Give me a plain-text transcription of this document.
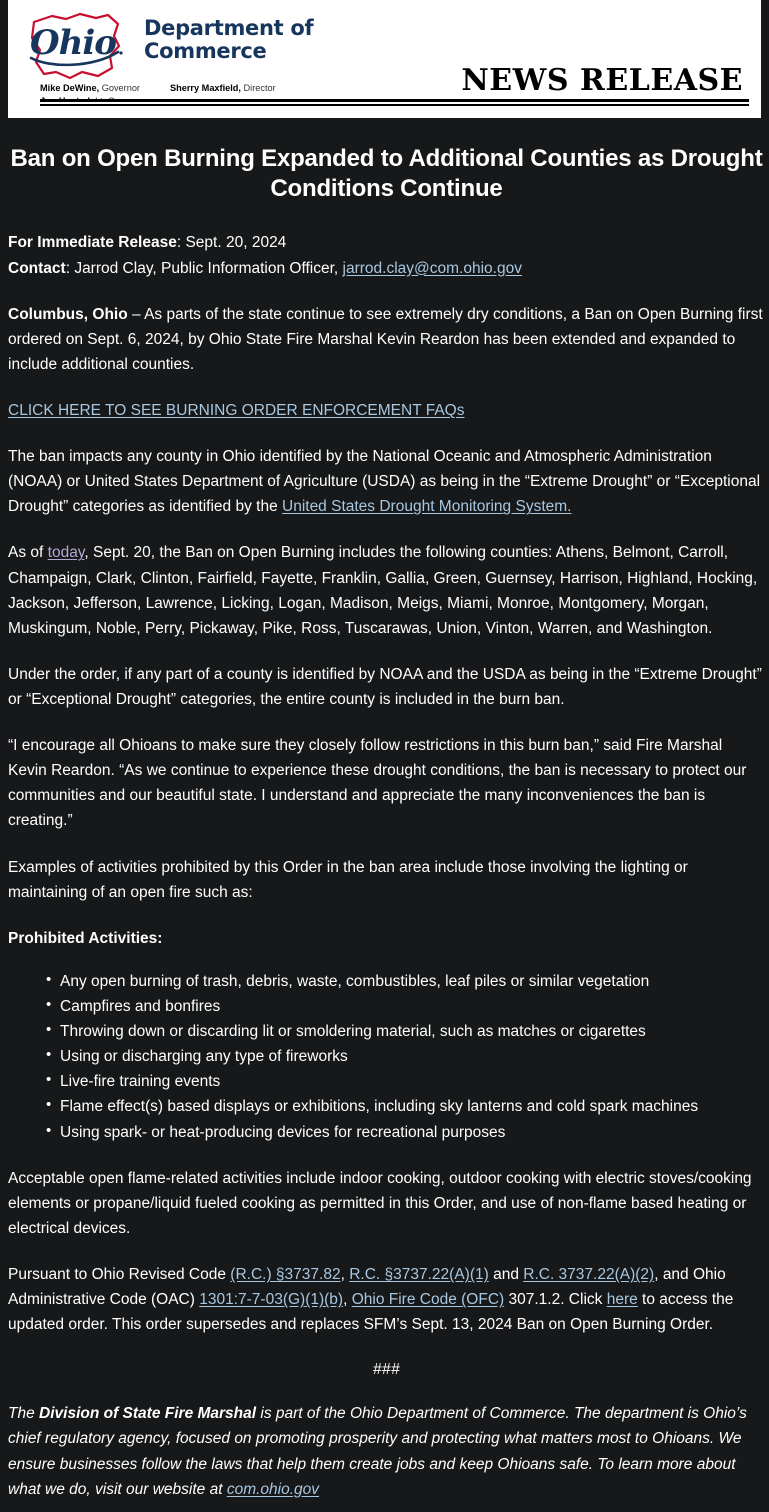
Ohio Department of
Commerce
Mike DeWine, Governor	Sherry Maxfield, Director	NEWS RELEASE
Ban on Open Burning Expanded to Additional Counties as Drought Conditions Continue

For Immediate Release: Sept. 20, 2024
Contact: Jarrod Clay, Public Information Officer, jarrod.clay@com.ohio.gov

Columbus, Ohio – As parts of the state continue to see extremely dry conditions, a Ban on Open Burning first ordered on Sept. 6, 2024, by Ohio State Fire Marshal Kevin Reardon has been extended and expanded to include additional counties.

CLICK HERE TO SEE BURNING ORDER ENFORCEMENT FAQs

The ban impacts any county in Ohio identified by the National Oceanic and Atmospheric Administration (NOAA) or United States Department of Agriculture (USDA) as being in the “Extreme Drought” or “Exceptional Drought” categories as identified by the United States Drought Monitoring System.

As of today, Sept. 20, the Ban on Open Burning includes the following counties: Athens, Belmont, Carroll, Champaign, Clark, Clinton, Fairfield, Fayette, Franklin, Gallia, Green, Guernsey, Harrison, Highland, Hocking, Jackson, Jefferson, Lawrence, Licking, Logan, Madison, Meigs, Miami, Monroe, Montgomery, Morgan, Muskingum, Noble, Perry, Pickaway, Pike, Ross, Tuscarawas, Union, Vinton, Warren, and Washington.

Under the order, if any part of a county is identified by NOAA and the USDA as being in the “Extreme Drought” or “Exceptional Drought” categories, the entire county is included in the burn ban.

“I encourage all Ohioans to make sure they closely follow restrictions in this burn ban,” said Fire Marshal Kevin Reardon. “As we continue to experience these drought conditions, the ban is necessary to protect our communities and our beautiful state. I understand and appreciate the many inconveniences the ban is creating.”

Examples of activities prohibited by this Order in the ban area include those involving the lighting or maintaining of an open fire such as:

Prohibited Activities:

• Any open burning of trash, debris, waste, combustibles, leaf piles or similar vegetation
• Campfires and bonfires
• Throwing down or discarding lit or smoldering material, such as matches or cigarettes
• Using or discharging any type of fireworks
• Live-fire training events
• Flame effect(s) based displays or exhibitions, including sky lanterns and cold spark machines
• Using spark- or heat-producing devices for recreational purposes

Acceptable open flame-related activities include indoor cooking, outdoor cooking with electric stoves/cooking elements or propane/liquid fueled cooking as permitted in this Order, and use of non-flame based heating or electrical devices.

Pursuant to Ohio Revised Code (R.C.) §3737.82, R.C. §3737.22(A)(1) and R.C. 3737.22(A)(2), and Ohio Administrative Code (OAC) 1301:7-7-03(G)(1)(b), Ohio Fire Code (OFC) 307.1.2. Click here to access the updated order. This order supersedes and replaces SFM’s Sept. 13, 2024 Ban on Open Burning Order.

###

The Division of State Fire Marshal is part of the Ohio Department of Commerce. The department is Ohio’s chief regulatory agency, focused on promoting prosperity and protecting what matters most to Ohioans. We ensure businesses follow the laws that help them create jobs and keep Ohioans safe. To learn more about what we do, visit our website at com.ohio.gov
